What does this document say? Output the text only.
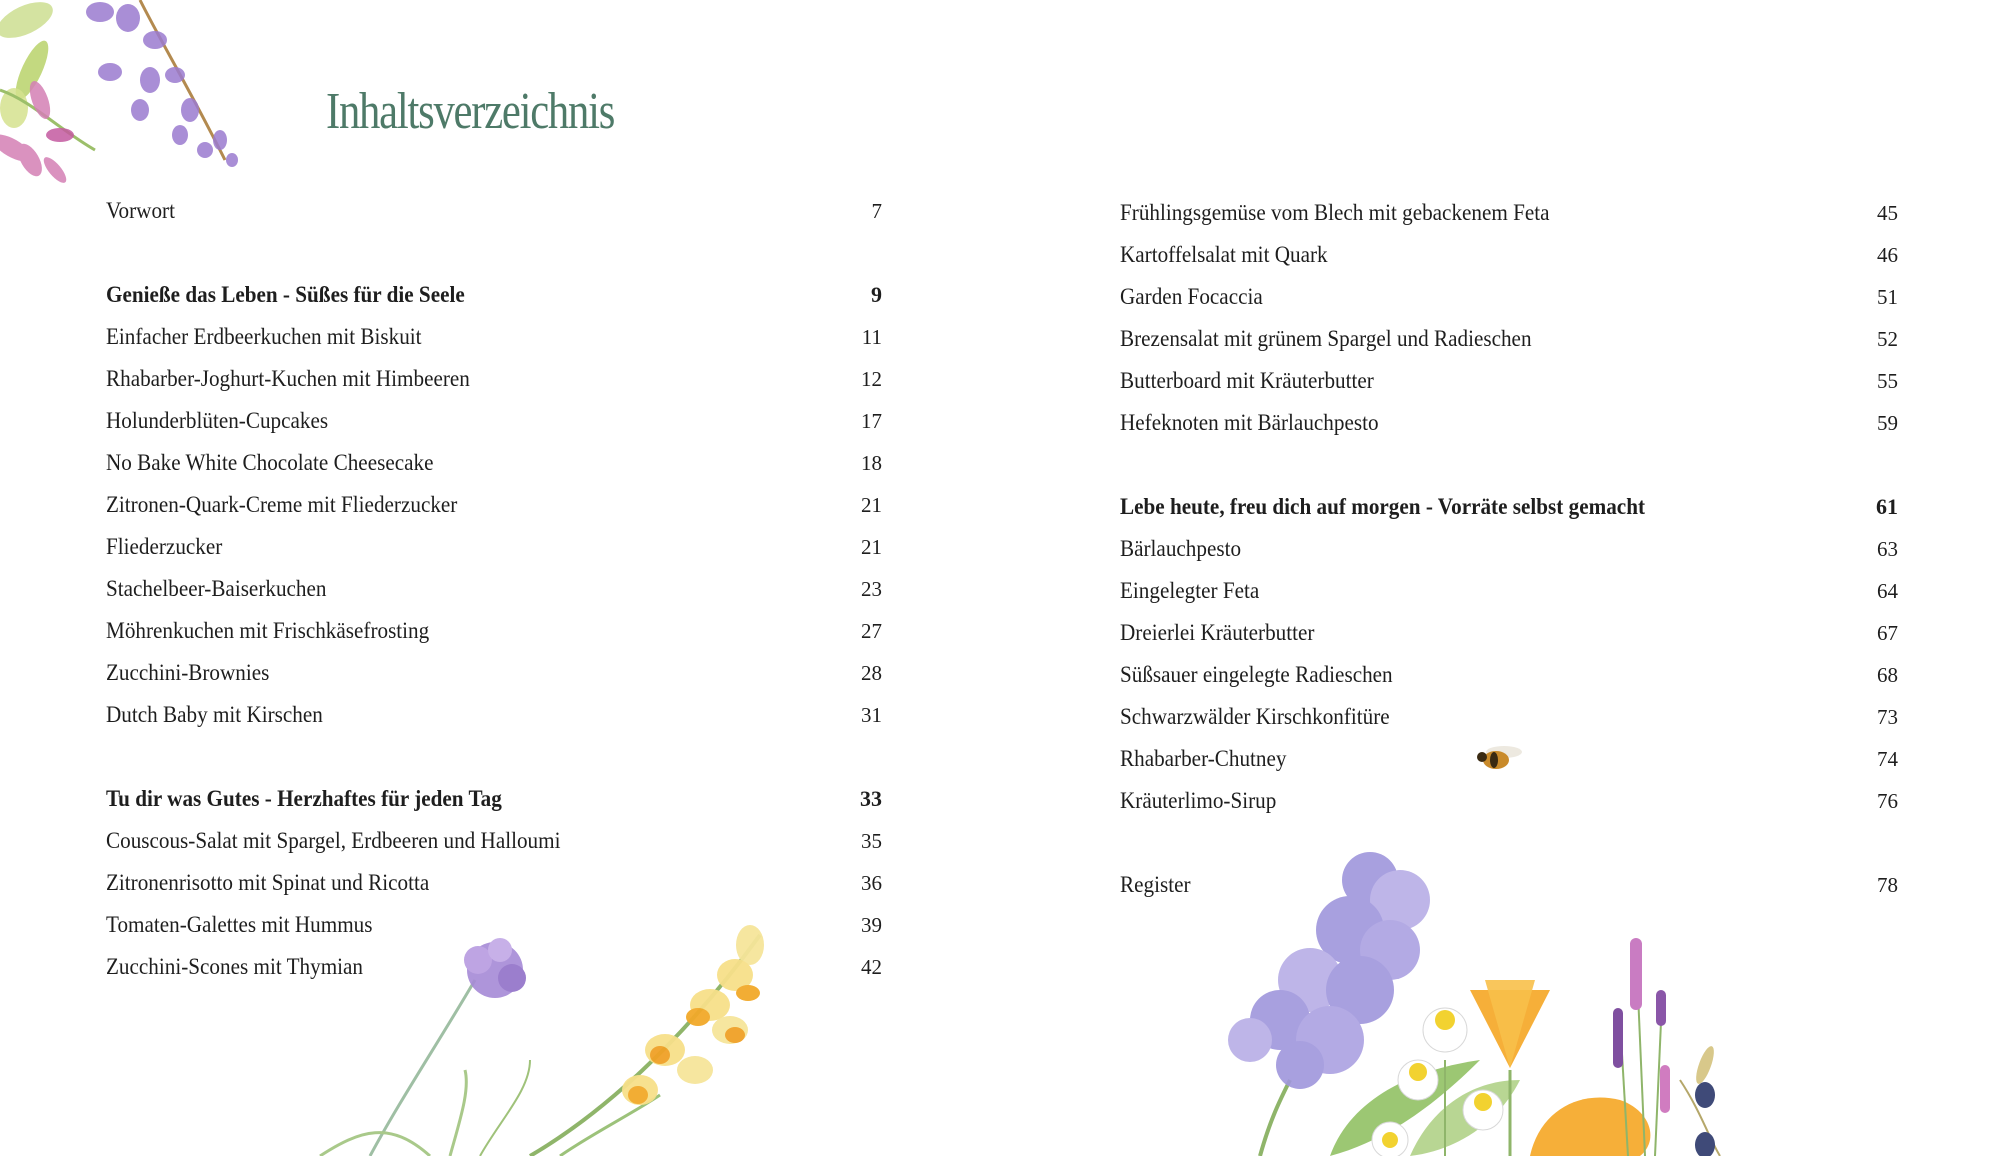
Inhaltsverzeichnis
Vorwort	7
Genieße das Leben - Süßes für die Seele	9
Einfacher Erdbeerkuchen mit Biskuit	11
Rhabarber-Joghurt-Kuchen mit Himbeeren	12
Holunderblüten-Cupcakes	17
No Bake White Chocolate Cheesecake	18
Zitronen-Quark-Creme mit Fliederzucker	21
Fliederzucker	21
Stachelbeer-Baiserkuchen	23
Möhrenkuchen mit Frischkäsefrosting	27
Zucchini-Brownies	28
Dutch Baby mit Kirschen	31
Tu dir was Gutes - Herzhaftes für jeden Tag	33
Couscous-Salat mit Spargel, Erdbeeren und Halloumi	35
Zitronenrisotto mit Spinat und Ricotta	36
Tomaten-Galettes mit Hummus	39
Zucchini-Scones mit Thymian	42
Frühlingsgemüse vom Blech mit gebackenem Feta	45
Kartoffelsalat mit Quark	46
Garden Focaccia	51
Brezensalat mit grünem Spargel und Radieschen	52
Butterboard mit Kräuterbutter	55
Hefeknoten mit Bärlauchpesto	59
Lebe heute, freu dich auf morgen - Vorräte selbst gemacht	61
Bärlauchpesto	63
Eingelegter Feta	64
Dreierlei Kräuterbutter	67
Süßsauer eingelegte Radieschen	68
Schwarzwälder Kirschkonfitüre	73
Rhabarber-Chutney	74
Kräuterlimo-Sirup	76
Register	78
